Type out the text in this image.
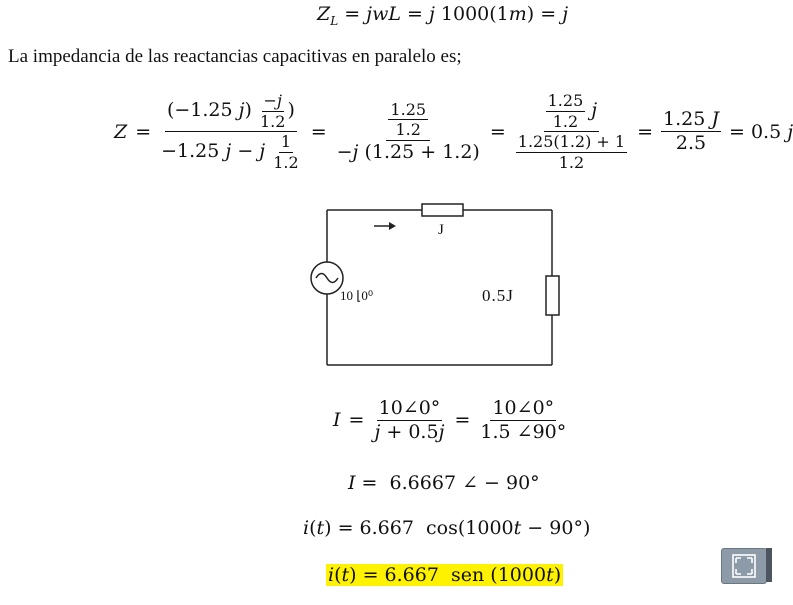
$Z_L$ = jwL = j 1000(1m) = j
La impedancia de las reactancias capacitivas en paralelo es;
$Z = \frac{(-1.25 j) \frac{-j}{1.2} )}{-1.25 j - j \frac{1}{1.2}} = \frac{\frac{1.25}{1.2}}{-j (1.25 + 1.2)} = \frac{\frac{1.25}{1.2} j}{\frac{1.25(1.2) + 1}{1.2}} = \frac{1.25 J}{2.5} = 0.5$ j
J
10 ⌊0⁰	0.5J
$I = \frac{10\angle 0^\circ}{j + 0.5j} = \frac{10\angle 0^\circ}{1.5 \angle 90^\circ}$
I =  6.6667 ∠ − 90°
i(t) = 6.667  cos(1000t − 90°)
i(t) = 6.667  sen (1000t)
